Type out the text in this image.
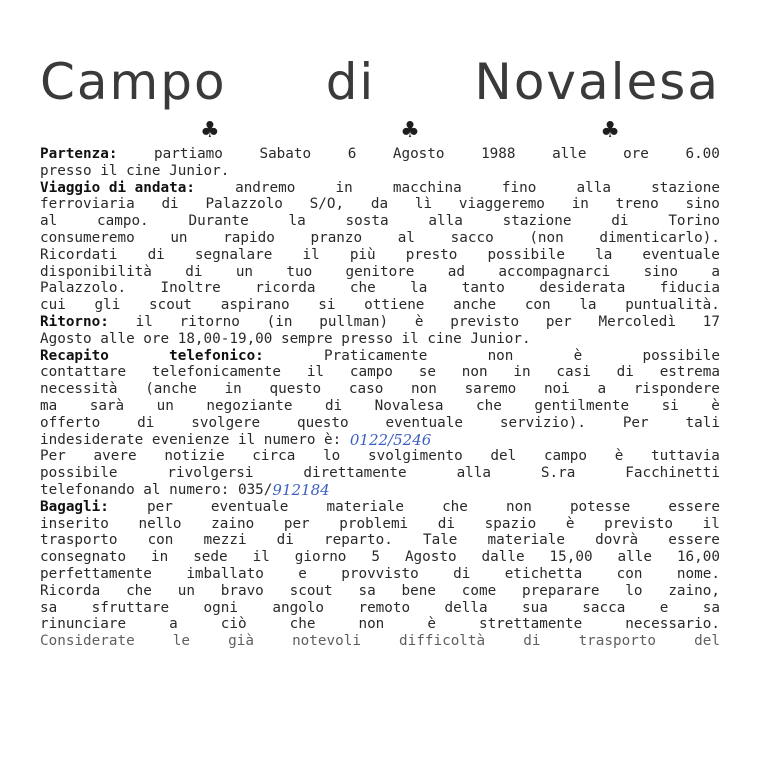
Campo di Novalesa
♣	♣	♣
Partenza:	partiamo	Sabato	6	Agosto	1988	alle	ore	6.00
presso il cine Junior.
Viaggio di andata:	andremo	in	macchina	fino	alla	stazione
ferroviaria di Palazzolo S/O, da lì viaggeremo in treno sino
al	campo.	Durante	la	sosta	alla	stazione	di	Torino
consumeremo un rapido pranzo al sacco (non dimenticarlo).
Ricordati di segnalare il più presto possibile la eventuale
disponibilità di un tuo genitore ad accompagnarci sino a
Palazzolo. Inoltre ricorda che la tanto desiderata fiducia
cui gli scout aspirano si ottiene anche con la puntualità.
Ritorno: il ritorno (in pullman) è previsto per Mercoledì 17
Agosto alle ore 18,00-19,00 sempre presso il cine Junior.
Recapito	telefonico:	Praticamente	non	è	possibile
contattare telefonicamente il campo se non in casi di estrema
necessità (anche in questo caso non saremo noi a rispondere
ma sarà un negoziante di Novalesa che gentilmente si è
offerto	di	svolgere	questo	eventuale	servizio).	Per	tali
indesiderate evenienze il numero è:
0122/5246
Per avere notizie circa lo svolgimento del campo è tuttavia
possibile	rivolgersi	direttamente	alla	S.ra	Facchinetti
telefonando al numero: 035/ 912184
Bagagli:	per	eventuale	materiale	che	non	potesse	essere
inserito nello zaino per problemi di spazio è previsto il
trasporto con mezzi di reparto. Tale materiale dovrà essere
consegnato in sede il giorno 5 Agosto dalle 15,00 alle 16,00
perfettamente imballato e provvisto di etichetta con nome.
Ricorda che un bravo scout sa bene come preparare lo zaino,
sa sfruttare ogni angolo remoto della sua sacca e sa
rinunciare	a	ciò	che	non	è	strettamente	necessario.
Considerate	le	già	notevoli	difficoltà	di	trasporto	del
